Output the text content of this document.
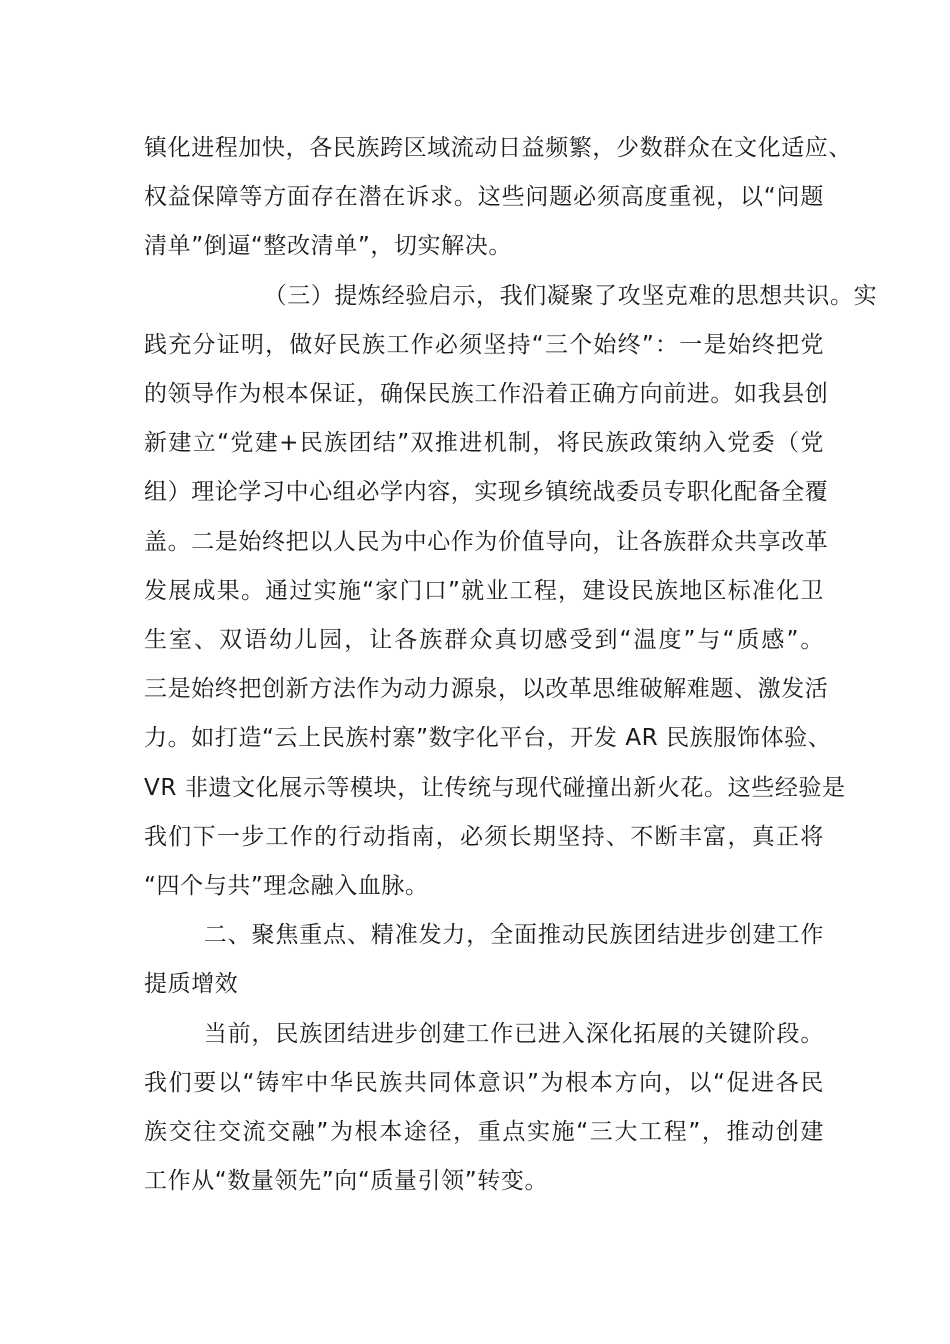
镇化进程加快，各民族跨区域流动日益频繁，少数群众在文化适应、
权益保障等方面存在潜在诉求。这些问题必须高度重视，以“问题
清单”倒逼“整改清单”，切实解决。

（三）提炼经验启示，我们凝聚了攻坚克难的思想共识。实
践充分证明，做好民族工作必须坚持“三个始终”：一是始终把党
的领导作为根本保证，确保民族工作沿着正确方向前进。如我县创
新建立“党建+民族团结”双推进机制，将民族政策纳入党委（党
组）理论学习中心组必学内容，实现乡镇统战委员专职化配备全覆
盖。二是始终把以人民为中心作为价值导向，让各族群众共享改革
发展成果。通过实施“家门口”就业工程，建设民族地区标准化卫
生室、双语幼儿园，让各族群众真切感受到“温度”与“质感”。
三是始终把创新方法作为动力源泉，以改革思维破解难题、激发活
力。如打造“云上民族村寨”数字化平台，开发 AR 民族服饰体验、
VR 非遗文化展示等模块，让传统与现代碰撞出新火花。这些经验是
我们下一步工作的行动指南，必须长期坚持、不断丰富，真正将
“四个与共”理念融入血脉。

二、聚焦重点、精准发力，全面推动民族团结进步创建工作
提质增效

当前，民族团结进步创建工作已进入深化拓展的关键阶段。
我们要以“铸牢中华民族共同体意识”为根本方向，以“促进各民
族交往交流交融”为根本途径，重点实施“三大工程”，推动创建
工作从“数量领先”向“质量引领”转变。
